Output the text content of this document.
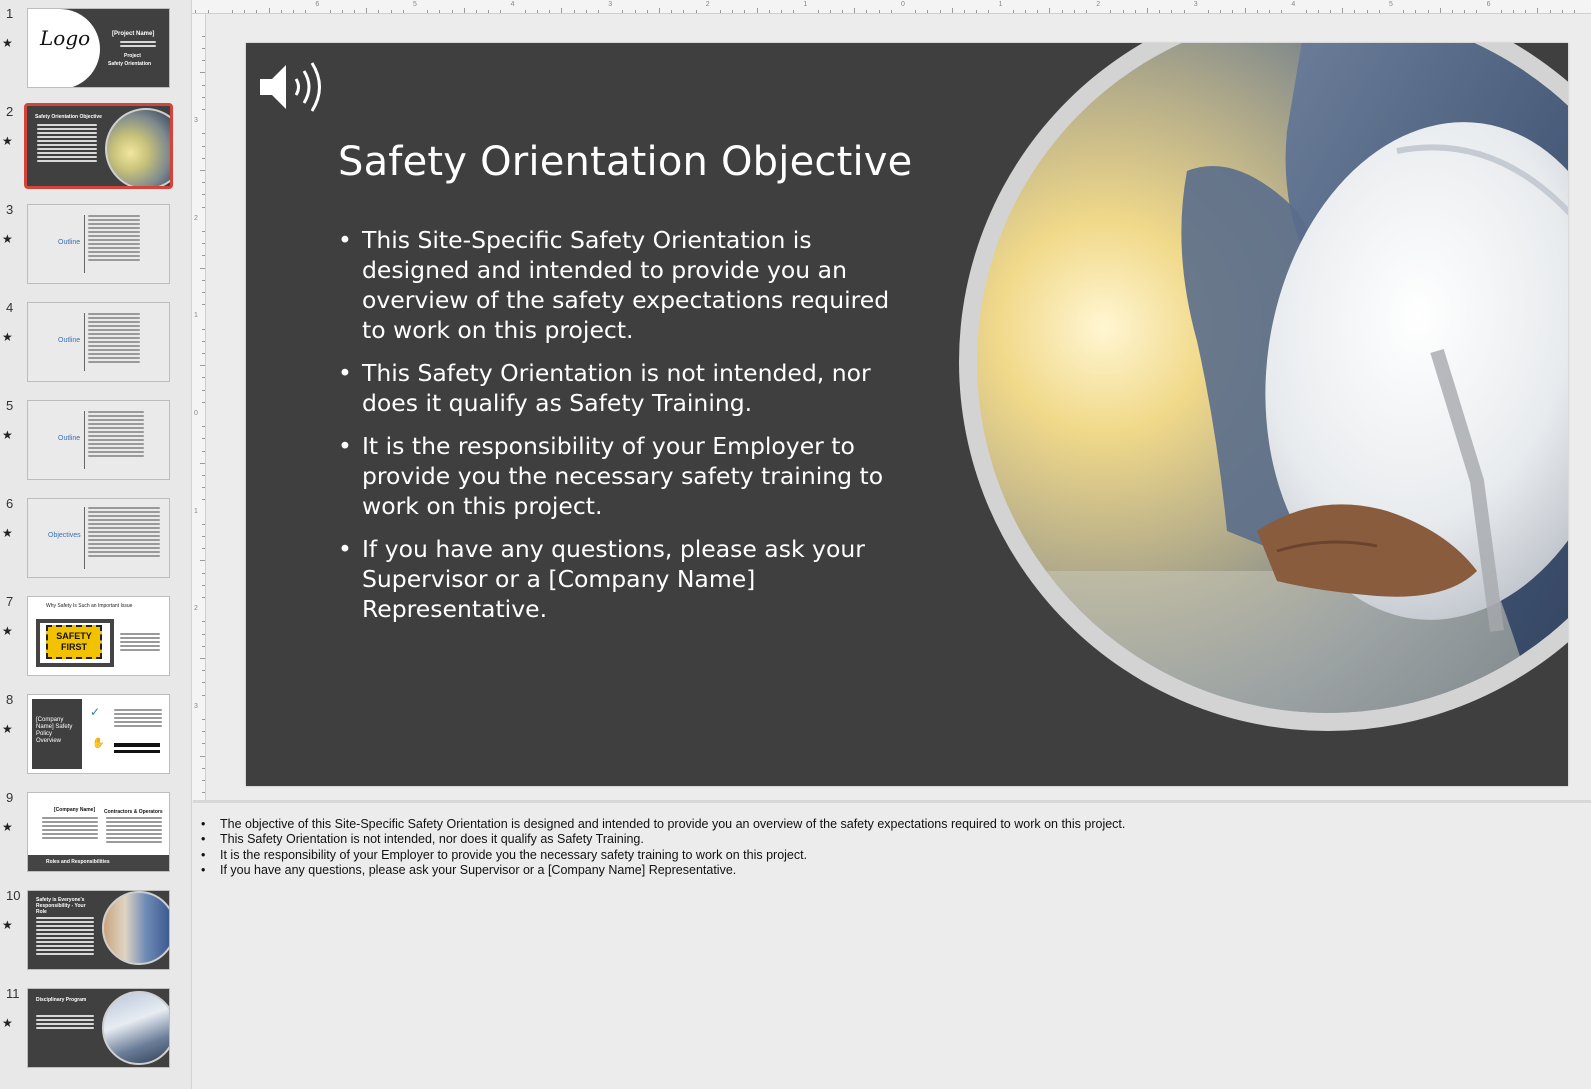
1
★ Logo	[Project Name]
Project
Safety Orientation
2
★
Safety Orientation Objective
3
★	Outline
4
★	Outline
5
★	Outline
6
★	Objectives
7
★
Why Safety Is Such an Important Issue
SAFETY
FIRST
8
★
[Company Name] Safety Policy Overview
✓
✋
9
★
[Company Name] Contractors & Operators
Roles and Responsibilities
10
★
Safety is Everyone's Responsibility - Your Role
11
★
Disciplinary Program
6	5	4	3	2	1	0	1	2	3	4	5	6
3
2
1
0
1
2
3
Safety Orientation Objective
• This Site-Specific Safety Orientation is designed and intended to provide you an overview of the safety expectations required to work on this project.
• This Safety Orientation is not intended, nor does it qualify as Safety Training.
• It is the responsibility of your Employer to provide you the necessary safety training to work on this project.
• If you have any questions, please ask your Supervisor or a [Company Name] Representative.
• The objective of this Site-Specific Safety Orientation is designed and intended to provide you an overview of the safety expectations required to work on this project.
• This Safety Orientation is not intended, nor does it qualify as Safety Training.
• It is the responsibility of your Employer to provide you the necessary safety training to work on this project.
• If you have any questions, please ask your Supervisor or a [Company Name] Representative.
